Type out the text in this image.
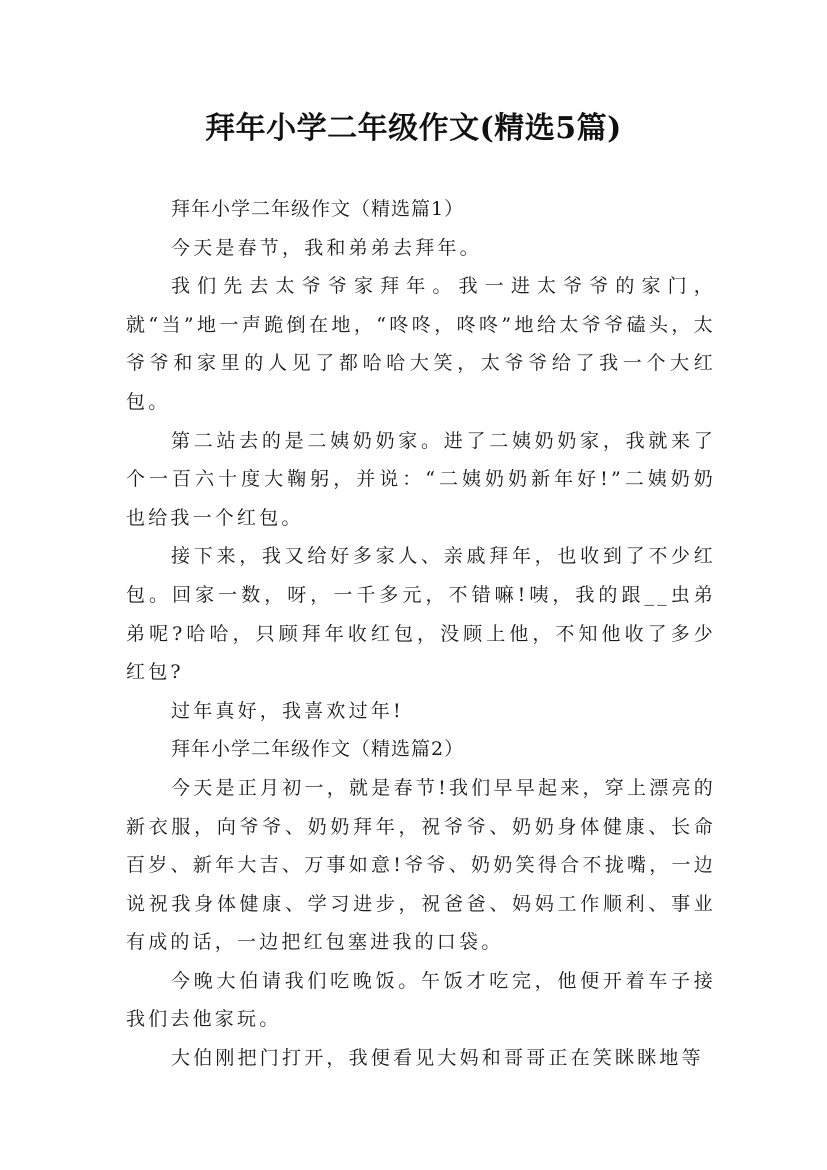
拜年小学二年级作文(精选5篇)

拜年小学二年级作文（精选篇1）

今天是春节，我和弟弟去拜年。

我们先去太爷爷家拜年。我一进太爷爷的家门，就“当”地一声跪倒在地，“咚咚，咚咚”地给太爷爷磕头，太爷爷和家里的人见了都哈哈大笑，太爷爷给了我一个大红包。

第二站去的是二姨奶奶家。进了二姨奶奶家，我就来了个一百六十度大鞠躬，并说：“二姨奶奶新年好!”二姨奶奶也给我一个红包。

接下来，我又给好多家人、亲戚拜年，也收到了不少红包。回家一数，呀，一千多元，不错嘛!咦，我的跟__虫弟弟呢?哈哈，只顾拜年收红包，没顾上他，不知他收了多少红包?

过年真好，我喜欢过年!

拜年小学二年级作文（精选篇2）

今天是正月初一，就是春节!我们早早起来，穿上漂亮的新衣服，向爷爷、奶奶拜年，祝爷爷、奶奶身体健康、长命百岁、新年大吉、万事如意!爷爷、奶奶笑得合不拢嘴，一边说祝我身体健康、学习进步，祝爸爸、妈妈工作顺利、事业有成的话，一边把红包塞进我的口袋。

今晚大伯请我们吃晚饭。午饭才吃完，他便开着车子接我们去他家玩。

大伯刚把门打开，我便看见大妈和哥哥正在笑眯眯地等
